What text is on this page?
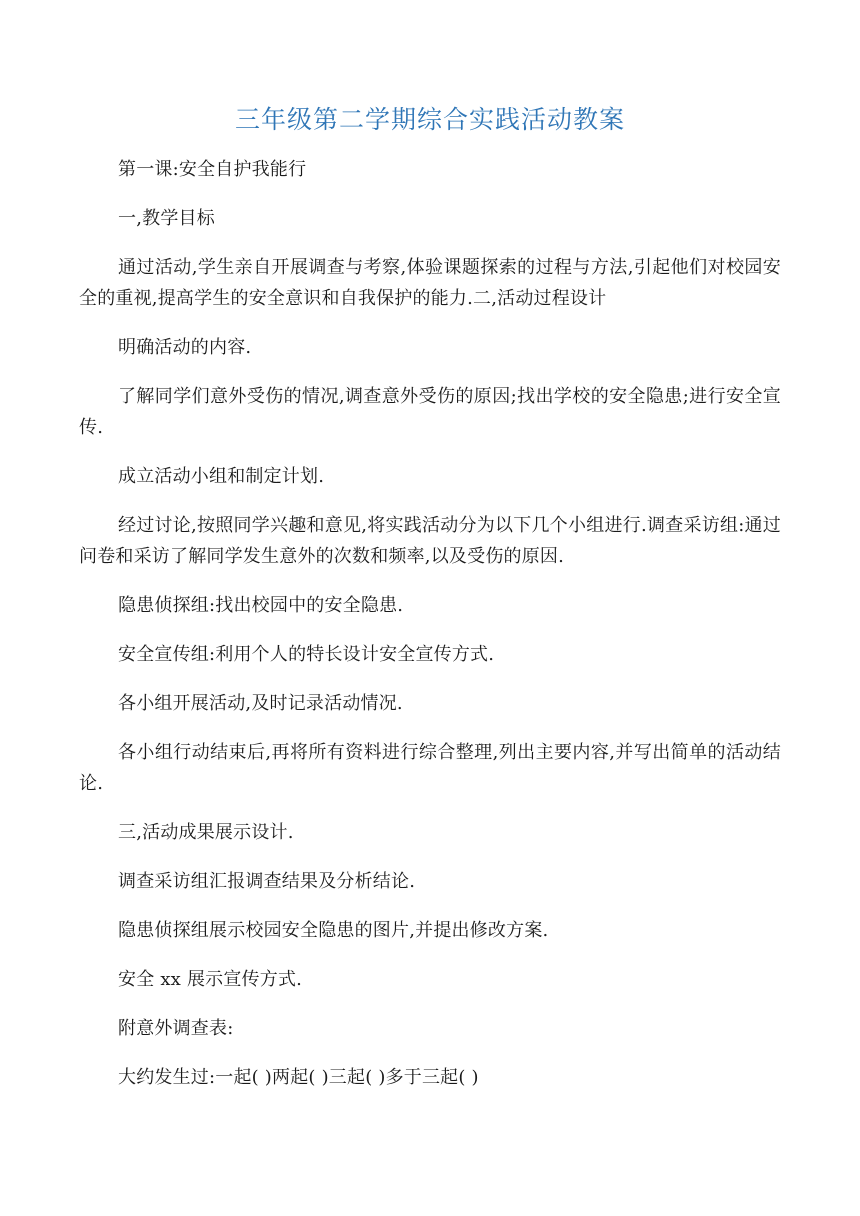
三年级第二学期综合实践活动教案

第一课:安全自护我能行

一,教学目标

通过活动,学生亲自开展调查与考察,体验课题探索的过程与方法,引起他们对校园安全的重视,提高学生的安全意识和自我保护的能力.二,活动过程设计

明确活动的内容.

了解同学们意外受伤的情况,调查意外受伤的原因;找出学校的安全隐患;进行安全宣传.

成立活动小组和制定计划.

经过讨论,按照同学兴趣和意见,将实践活动分为以下几个小组进行.调查采访组:通过问卷和采访了解同学发生意外的次数和频率,以及受伤的原因.

隐患侦探组:找出校园中的安全隐患.

安全宣传组:利用个人的特长设计安全宣传方式.

各小组开展活动,及时记录活动情况.

各小组行动结束后,再将所有资料进行综合整理,列出主要内容,并写出简单的活动结论.

三,活动成果展示设计.

调查采访组汇报调查结果及分析结论.

隐患侦探组展示校园安全隐患的图片,并提出修改方案.

安全 xx 展示宣传方式.

附意外调查表:

大约发生过:一起( )两起( )三起( )多于三起( )
